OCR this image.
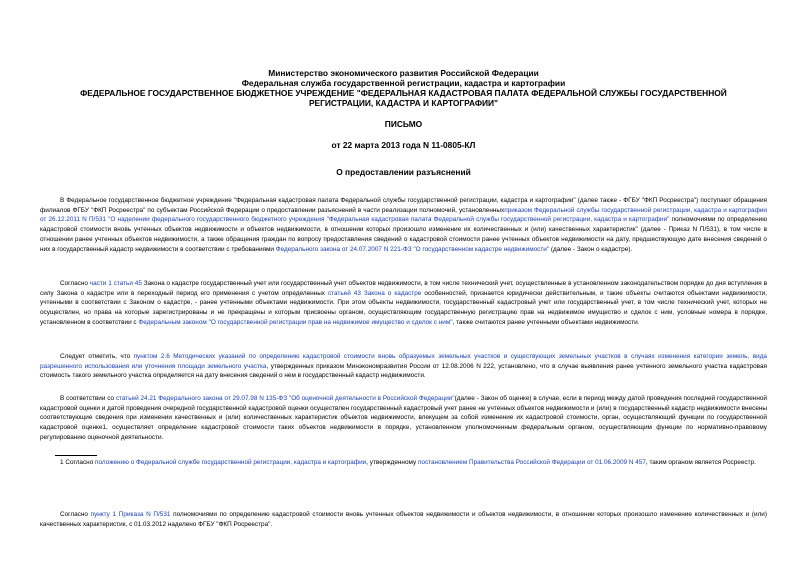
Министерство экономического развития Российской Федерации
Федеральная служба государственной регистрации, кадастра и картографии
ФЕДЕРАЛЬНОЕ ГОСУДАРСТВЕННОЕ БЮДЖЕТНОЕ УЧРЕЖДЕНИЕ "ФЕДЕРАЛЬНАЯ КАДАСТРОВАЯ ПАЛАТА ФЕДЕРАЛЬНОЙ СЛУЖБЫ ГОСУДАРСТВЕННОЙ
РЕГИСТРАЦИИ, КАДАСТРА И КАРТОГРАФИИ"
ПИСЬМО
от 22 марта 2013 года N 11-0805-КЛ
О предоставлении разъяснений

В Федеральное государственное бюджетное учреждение "Федеральная кадастровая палата Федеральной службы государственной регистрации, кадастра и картографии" (далее также - ФГБУ "ФКП Росреестра") поступают обращения филиалов ФГБУ "ФКП Росреестра" по субъектам Российской Федерации о предоставлении разъяснений в части реализации полномочий, установленныхприказом Федеральной службы государственной регистрации, кадастра и картографии от 26.12.2011 N П/531 "О наделении федерального государственного бюджетного учреждения "Федеральная кадастровая палата Федеральной службы государственной регистрации, кадастра и картографии" полномочиями по определению кадастровой стоимости вновь учтенных объектов недвижимости и объектов недвижимости, в отношении которых произошло изменение их количественных и (или) качественных характеристик" (далее - Приказ N П/531), в том числе в отношении ранее учтенных объектов недвижимости, а также обращения граждан по вопросу предоставления сведений о кадастровой стоимости ранее учтенных объектов недвижимости на дату, предшествующую дате внесения сведений о них в государственный кадастр недвижимости в соответствии с требованиями Федерального закона от 24.07.2007 N 221-ФЗ "О государственном кадастре недвижимости" (далее - Закон о кадастре).

Согласно части 1 статьи 45 Закона о кадастре государственный учет или государственный учет объектов недвижимости, в том числе технический учет, осуществленные в установленном законодательством порядке до дня вступления в силу Закона о кадастре или в переходный период его применения с учетом определенных статьей 43 Закона о кадастре особенностей, признается юридически действительным, и такие объекты считаются объектами недвижимости, учтенными в соответствии с Законом о кадастре, - ранее учтенными объектами недвижимости. При этом объекты недвижимости, государственный кадастровый учет или государственный учет, в том числе технический учет, которых не осуществлен, но права на которые зарегистрированы и не прекращены и которым присвоены органом, осуществляющим государственную регистрацию прав на недвижимое имущество и сделок с ним, условные номера в порядке, установленном в соответствии с Федеральным законом "О государственной регистрации прав на недвижимое имущество и сделок с ним", также считаются ранее учтенными объектами недвижимости.

Следует отметить, что пунктом 2.6 Методических указаний по определению кадастровой стоимости вновь образуемых земельных участков и существующих земельных участков в случаях изменения категории земель, вида разрешенного использования или уточнения площади земельного участка, утвержденных приказом Минэкономразвития России от 12.08.2006 N 222, установлено, что в случае выявления ранее учтенного земельного участка кадастровая стоимость такого земельного участка определяется на дату внесения сведений о нем в государственный кадастр недвижимости.

В соответствии со статьей 24.21 Федерального закона от 29.07.98 N 135-ФЗ "Об оценочной деятельности в Российской Федерации"(далее - Закон об оценке) в случае, если в период между датой проведения последней государственной кадастровой оценки и датой проведения очередной государственной кадастровой оценки осуществлен государственный кадастровый учет ранее не учтенных объектов недвижимости и (или) в государственный кадастр недвижимости внесены соответствующие сведения при изменении качественных и (или) количественных характеристик объектов недвижимости, влекущем за собой изменение их кадастровой стоимости, орган, осуществляющий функции по государственной кадастровой оценке1, осуществляет определение кадастровой стоимости таких объектов недвижимости в порядке, установленном уполномоченным федеральным органом, осуществляющим функции по нормативно-правовому регулированию оценочной деятельности.

1 Согласно положению о Федеральной службе государственной регистрации, кадастра и картографии, утвержденному постановлением Правительства Российской Федерации от 01.06.2009 N 457, таким органом является Росреестр.

Согласно пункту 1 Приказа N П/531 полномочиями по определению кадастровой стоимости вновь учтенных объектов недвижимости и объектов недвижимости, в отношении которых произошло изменение количественных и (или) качественных характеристик, с 01.03.2012 наделено ФГБУ "ФКП Росреестра".
